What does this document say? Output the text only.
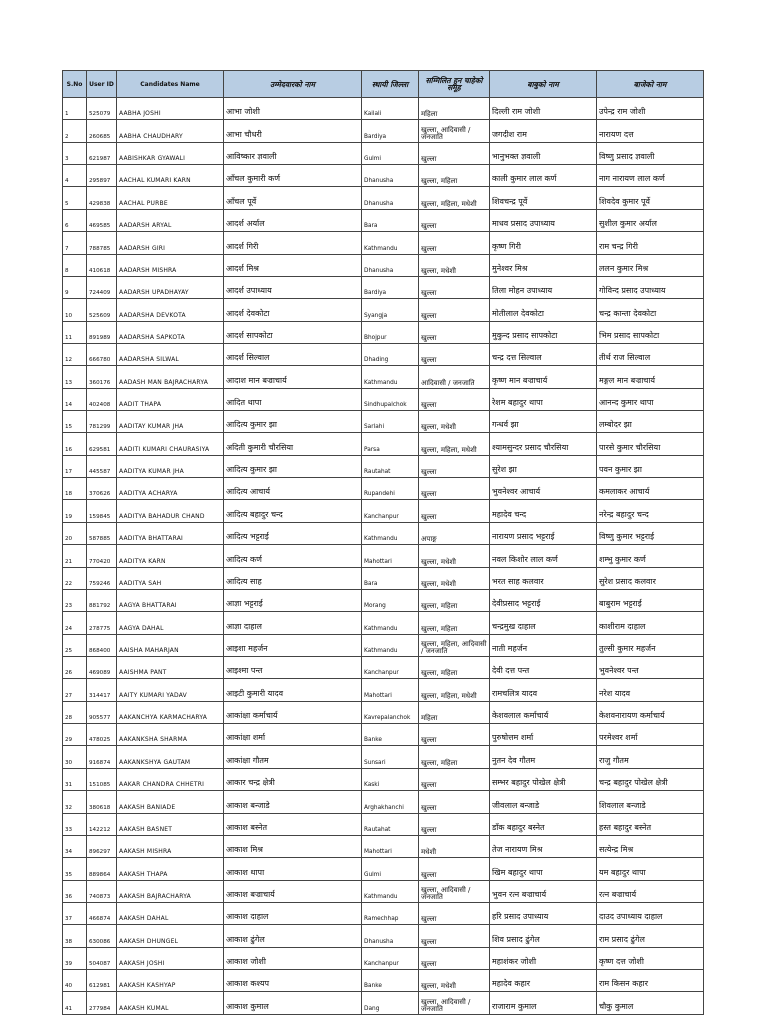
S.No	User ID	Candidates Name	उम्मेदवारको नाम	स्थायी जिल्ला	सम्मिलित हुन चाहेको समूह	बाबुको नाम	बाजेको नाम
1	525079	AABHA JOSHI	आभा जोशी	Kailali	महिला	दिल्ली राम जोशी	उपेन्द्र राम जोशी
2	260685	AABHA CHAUDHARY	आभा चौधरी	Bardiya	खुल्ला, आदिवासी / जनजाति	जगदीश राम	नारायण दत्त
3	621987	AABISHKAR GYAWALI	आविष्कार ज्ञवाली	Gulmi	खुल्ला	भानुभक्त ज्ञवाली	विष्णु प्रसाद ज्ञवाली
4	295897	AACHAL KUMARI KARN	आँचल कुमारी कर्ण	Dhanusha	खुल्ला, महिला	काली कुमार लाल कर्ण	नाग नारायण लाल कर्ण
5	429838	AACHAL PURBE	आँचल पूर्वे	Dhanusha	खुल्ला, महिला, मधेशी	शिवचन्द्र पूर्वे	शिवदेव कुमार पूर्वे
6	469585	AADARSH ARYAL	आदर्श अर्याल	Bara	खुल्ला	माधव प्रसाद उपाध्याय	सुशील कुमार अर्याल
7	788785	AADARSH GIRI	आदर्श गिरी	Kathmandu	खुल्ला	कृष्ण गिरी	राम चन्द्र गिरी
8	410618	AADARSH MISHRA	आदर्श मिश्र	Dhanusha	खुल्ला, मधेशी	मुनेश्वर मिश्र	ललन कुमार मिश्र
9	724409	AADARSH UPADHAYAY	आदर्श उपाध्याय	Bardiya	खुल्ला	तिला मोहन उपाध्याय	गोविन्द प्रसाद उपाध्याय
10	525609	AADARSHA DEVKOTA	आदर्श देवकोटा	Syangja	खुल्ला	मोतीलाल देवकोटा	चन्द्र कान्ता देवकोटा
11	891989	AADARSHA SAPKOTA	आदर्श सापकोटा	Bhojpur	खुल्ला	मुकुन्द प्रसाद सापकोटा	भिम प्रसाद सापकोटा
12	666780	AADARSHA SILWAL	आदर्श सिल्वाल	Dhading	खुल्ला	चन्द्र दत्त सिल्वाल	तीर्थ राज सिल्वाल
13	360176	AADASH MAN BAJRACHARYA	आदाश मान बज्राचार्य	Kathmandu	आदिवासी / जनजाति	कृष्ण मान बज्राचार्य	मङ्गल मान बज्राचार्य
14	402408	AADIT THAPA	आदित थापा	Sindhupalchok	खुल्ला	रेशम बहादुर थापा	आनन्द कुमार थापा
15	781299	AADITAY KUMAR JHA	आदित्य कुमार झा	Sarlahi	खुल्ला, मधेशी	गन्धर्व झा	लम्बोदर झा
16	629581	AADITI KUMARI CHAURASIYA	अदिती कुमारी चौरसिया	Parsa	खुल्ला, महिला, मधेशी	श्यामसुन्दर प्रसाद चौरसिया	पारसे कुमार चौरसिया
17	445587	AADITYA KUMAR JHA	आदित्य कुमार झा	Rautahat	खुल्ला	सुरेश झा	पवन कुमार झा
18	370626	AADITYA ACHARYA	आदित्य आचार्य	Rupandehi	खुल्ला	भुवनेश्वर आचार्य	कमलाकर आचार्य
19	159845	AADITYA BAHADUR CHAND	आदित्य बहादुर चन्द	Kanchanpur	खुल्ला	महादेव चन्द	नरेन्द्र बहादुर चन्द
20	587885	AADITYA BHATTARAI	आदित्य भट्टराई	Kathmandu	अपाङ्ग	नारायण प्रसाद भट्टराई	विष्णु कुमार भट्टराई
21	770420	AADITYA KARN	आदित्य कर्ण	Mahottari	खुल्ला, मधेशी	नवल किशोर लाल कर्ण	शम्भु कुमार कर्ण
22	759246	AADITYA SAH	आदित्य साह	Bara	खुल्ला, मधेशी	भरत साह कलवार	सुरेश प्रसाद कलवार
23	881792	AAGYA BHATTARAI	आज्ञा भट्टराई	Morang	खुल्ला, महिला	देवीप्रसाद भट्टराई	बाबुराम भट्टराई
24	278775	AAGYA DAHAL	आज्ञा दाहाल	Kathmandu	खुल्ला, महिला	चन्द्रमुख दाहाल	काशीराम दाहाल
25	868400	AAISHA MAHARJAN	आइशा महर्जन	Kathmandu	खुल्ला, महिला, आदिवासी / जनजाति	नाती महर्जन	तुल्सी कुमार महर्जन
26	469089	AAISHMA PANT	आइश्मा पन्त	Kanchanpur	खुल्ला, महिला	देवी दत्त पन्त	भुवनेश्वर पन्त
27	314417	AAITY KUMARI YADAV	आइटी कुमारी यादव	Mahottari	खुल्ला, महिला, मधेशी	रामचलित्र यादव	नरेश यादव
28	905577	AAKANCHYA KARMACHARYA	आकांक्षा कर्माचार्य	Kavrepalanchok	महिला	केशवलाल कर्माचार्य	केशवनारायण कर्माचार्य
29	478025	AAKANKSHA SHARMA	आकांक्षा शर्मा	Banke	खुल्ला	पुरुषोत्तम शर्मा	परमेश्वर शर्मा
30	916874	AAKANKSHYA GAUTAM	आकांक्षा गौतम	Sunsari	खुल्ला, महिला	नुतन देव गौतम	राजु गौतम
31	151085	AAKAR CHANDRA CHHETRI	आकार चन्द्र क्षेत्री	Kaski	खुल्ला	सम्भर बहादुर पोखेल क्षेत्री	चन्द्र बहादुर पोखेल क्षेत्री
32	380618	AAKASH BANIADE	आकाश बन्जाडे	Arghakhanchi	खुल्ला	जीवलाल बन्जाडे	शिवलाल बन्जाडे
33	142212	AAKASH BASNET	आकाश बस्नेत	Rautahat	खुल्ला	डाँक बहादुर बस्नेत	हस्त बहादुर बस्नेत
34	896297	AAKASH MISHRA	आकाश मिश्र	Mahottari	मधेशी	तेज नारायण मिश्र	सत्येन्द्र मिश्र
35	889864	AAKASH THAPA	आकाश थापा	Gulmi	खुल्ला	खिम बहादुर थापा	यम बहादुर थापा
36	740873	AAKASH BAJRACHARYA	आकाश बज्राचार्य	Kathmandu	खुल्ला, आदिवासी / जनजाति	भुवन रत्न बज्राचार्य	रत्न बज्राचार्य
37	466874	AAKASH DAHAL	आकाश दाहाल	Ramechhap	खुल्ला	हरि प्रसाद उपाध्याय	दाउद उपाध्याय दाहाल
38	630086	AAKASH DHUNGEL	आकाश ढुंगेल	Dhanusha	खुल्ला	शिव प्रसाद ढुंगेल	राम प्रसाद ढुंगेल
39	504087	AAKASH JOSHI	आकाश जोशी	Kanchanpur	खुल्ला	महाशंकर जोशी	कृष्ण दत्त जोशी
40	612981	AAKASH KASHYAP	आकाश कश्यप	Banke	खुल्ला, मधेशी	महादेव कहार	राम किसन कहार
41	277984	AAKASH KUMAL	आकाश कुमाल	Dang	खुल्ला, आदिवासी / जनजाति	राजाराम कुमाल	चौकु कुमाल
